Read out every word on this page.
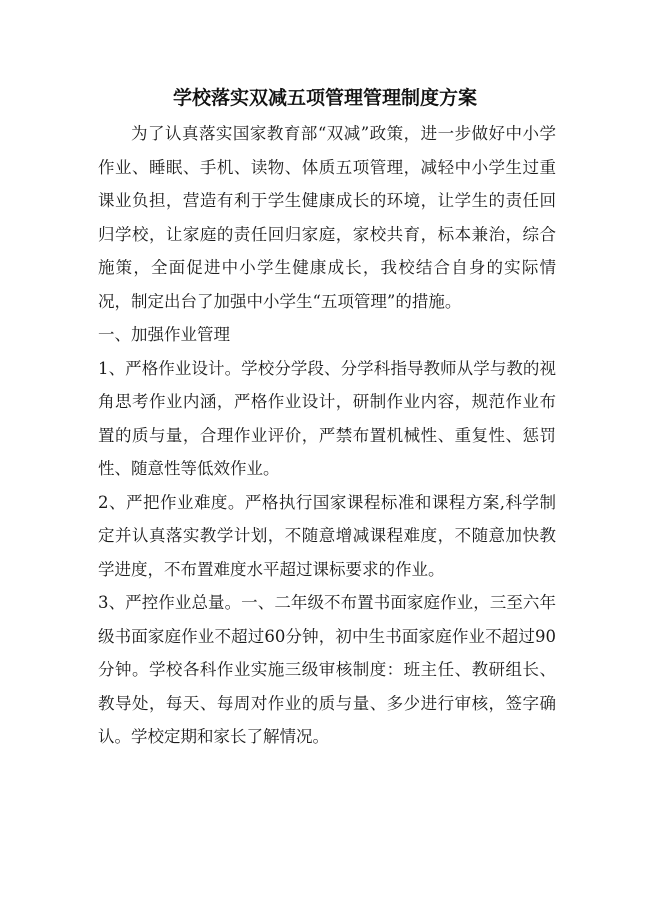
学校落实双减五项管理管理制度方案

为了认真落实国家教育部“双减”政策，进一步做好中小学作业、睡眠、手机、读物、体质五项管理，减轻中小学生过重课业负担，营造有利于学生健康成长的环境，让学生的责任回归学校，让家庭的责任回归家庭，家校共育，标本兼治，综合施策，全面促进中小学生健康成长，我校结合自身的实际情况，制定出台了加强中小学生“五项管理”的措施。

一、加强作业管理

1、严格作业设计。学校分学段、分学科指导教师从学与教的视角思考作业内涵，严格作业设计，研制作业内容，规范作业布置的质与量，合理作业评价，严禁布置机械性、重复性、惩罚性、随意性等低效作业。

2、严把作业难度。严格执行国家课程标准和课程方案,科学制定并认真落实教学计划，不随意增减课程难度，不随意加快教学进度，不布置难度水平超过课标要求的作业。

3、严控作业总量。一、二年级不布置书面家庭作业，三至六年级书面家庭作业不超过60分钟，初中生书面家庭作业不超过90分钟。学校各科作业实施三级审核制度：班主任、教研组长、教导处，每天、每周对作业的质与量、多少进行审核，签字确认。学校定期和家长了解情况。
